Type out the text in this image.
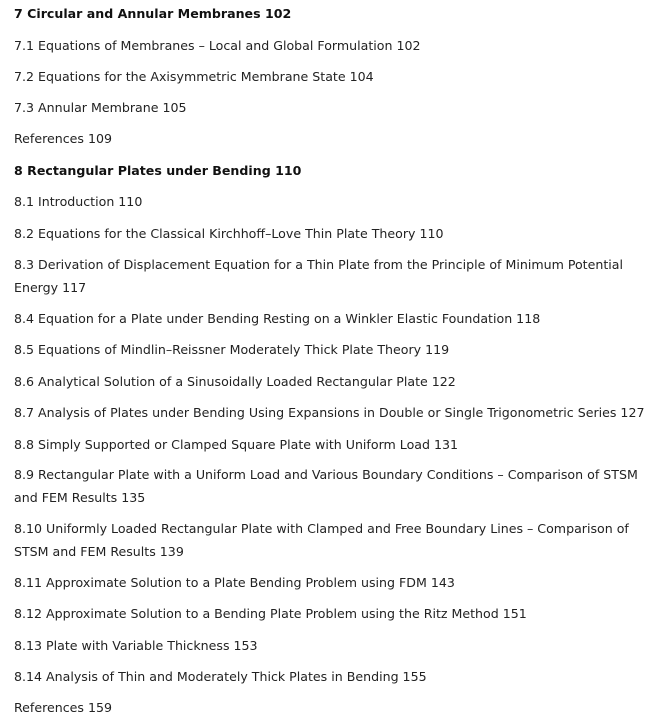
7 Circular and Annular Membranes 102
7.1 Equations of Membranes – Local and Global Formulation 102
7.2 Equations for the Axisymmetric Membrane State 104
7.3 Annular Membrane 105
References 109
8 Rectangular Plates under Bending 110
8.1 Introduction 110
8.2 Equations for the Classical Kirchhoff–Love Thin Plate Theory 110
8.3 Derivation of Displacement Equation for a Thin Plate from the Principle of Minimum Potential Energy 117
8.4 Equation for a Plate under Bending Resting on a Winkler Elastic Foundation 118
8.5 Equations of Mindlin–Reissner Moderately Thick Plate Theory 119
8.6 Analytical Solution of a Sinusoidally Loaded Rectangular Plate 122
8.7 Analysis of Plates under Bending Using Expansions in Double or Single Trigonometric Series 127
8.8 Simply Supported or Clamped Square Plate with Uniform Load 131
8.9 Rectangular Plate with a Uniform Load and Various Boundary Conditions – Comparison of STSM and FEM Results 135
8.10 Uniformly Loaded Rectangular Plate with Clamped and Free Boundary Lines – Comparison of STSM and FEM Results 139
8.11 Approximate Solution to a Plate Bending Problem using FDM 143
8.12 Approximate Solution to a Bending Plate Problem using the Ritz Method 151
8.13 Plate with Variable Thickness 153
8.14 Analysis of Thin and Moderately Thick Plates in Bending 155
References 159
